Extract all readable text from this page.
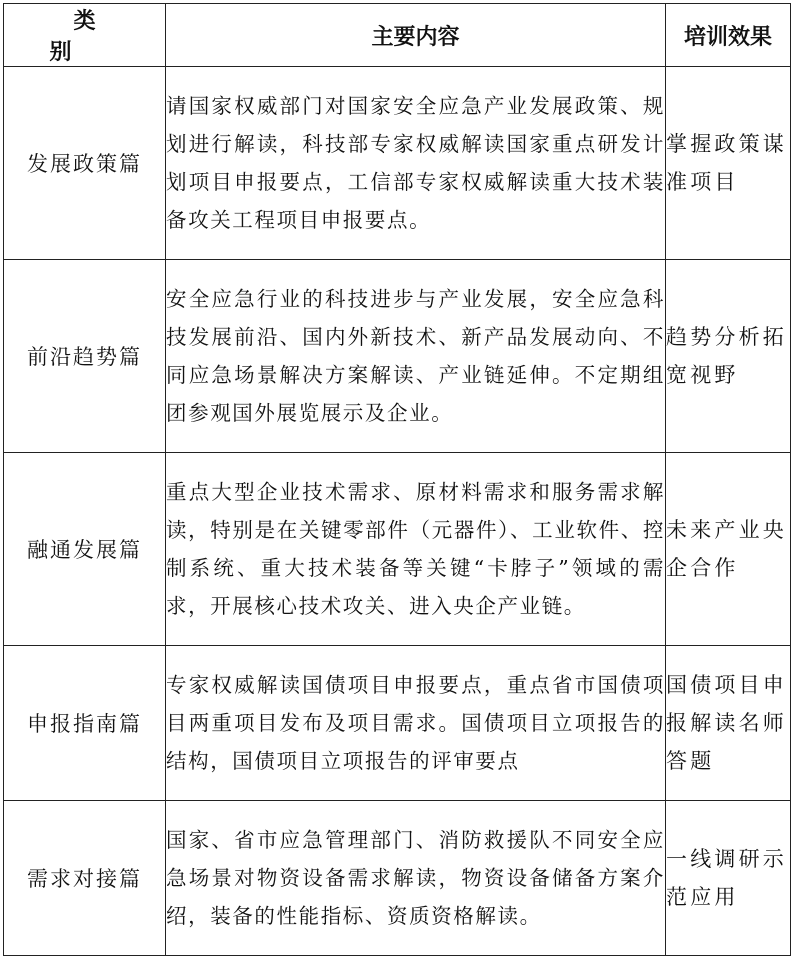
类 别	主要内容	培训效果
发展政策篇	请国家权威部门对国家安全应急产业发展政策、规划进行解读，科技部专家权威解读国家重点研发计划项目申报要点，工信部专家权威解读重大技术装备攻关工程项目申报要点。	掌握政策谋准项目
前沿趋势篇	安全应急行业的科技进步与产业发展，安全应急科技发展前沿、国内外新技术、新产品发展动向、不同应急场景解决方案解读、产业链延伸。不定期组团参观国外展览展示及企业。	趋势分析拓宽视野
融通发展篇	重点大型企业技术需求、原材料需求和服务需求解读，特别是在关键零部件（元器件）、工业软件、控制系统、重大技术装备等关键“卡脖子”领域的需求，开展核心技术攻关、进入央企产业链。	未来产业央企合作
申报指南篇	专家权威解读国债项目申报要点，重点省市国债项目两重项目发布及项目需求。国债项目立项报告的结构，国债项目立项报告的评审要点	国债项目申报解读名师答题
需求对接篇	国家、省市应急管理部门、消防救援队不同安全应急场景对物资设备需求解读，物资设备储备方案介绍，装备的性能指标、资质资格解读。	一线调研示范应用
